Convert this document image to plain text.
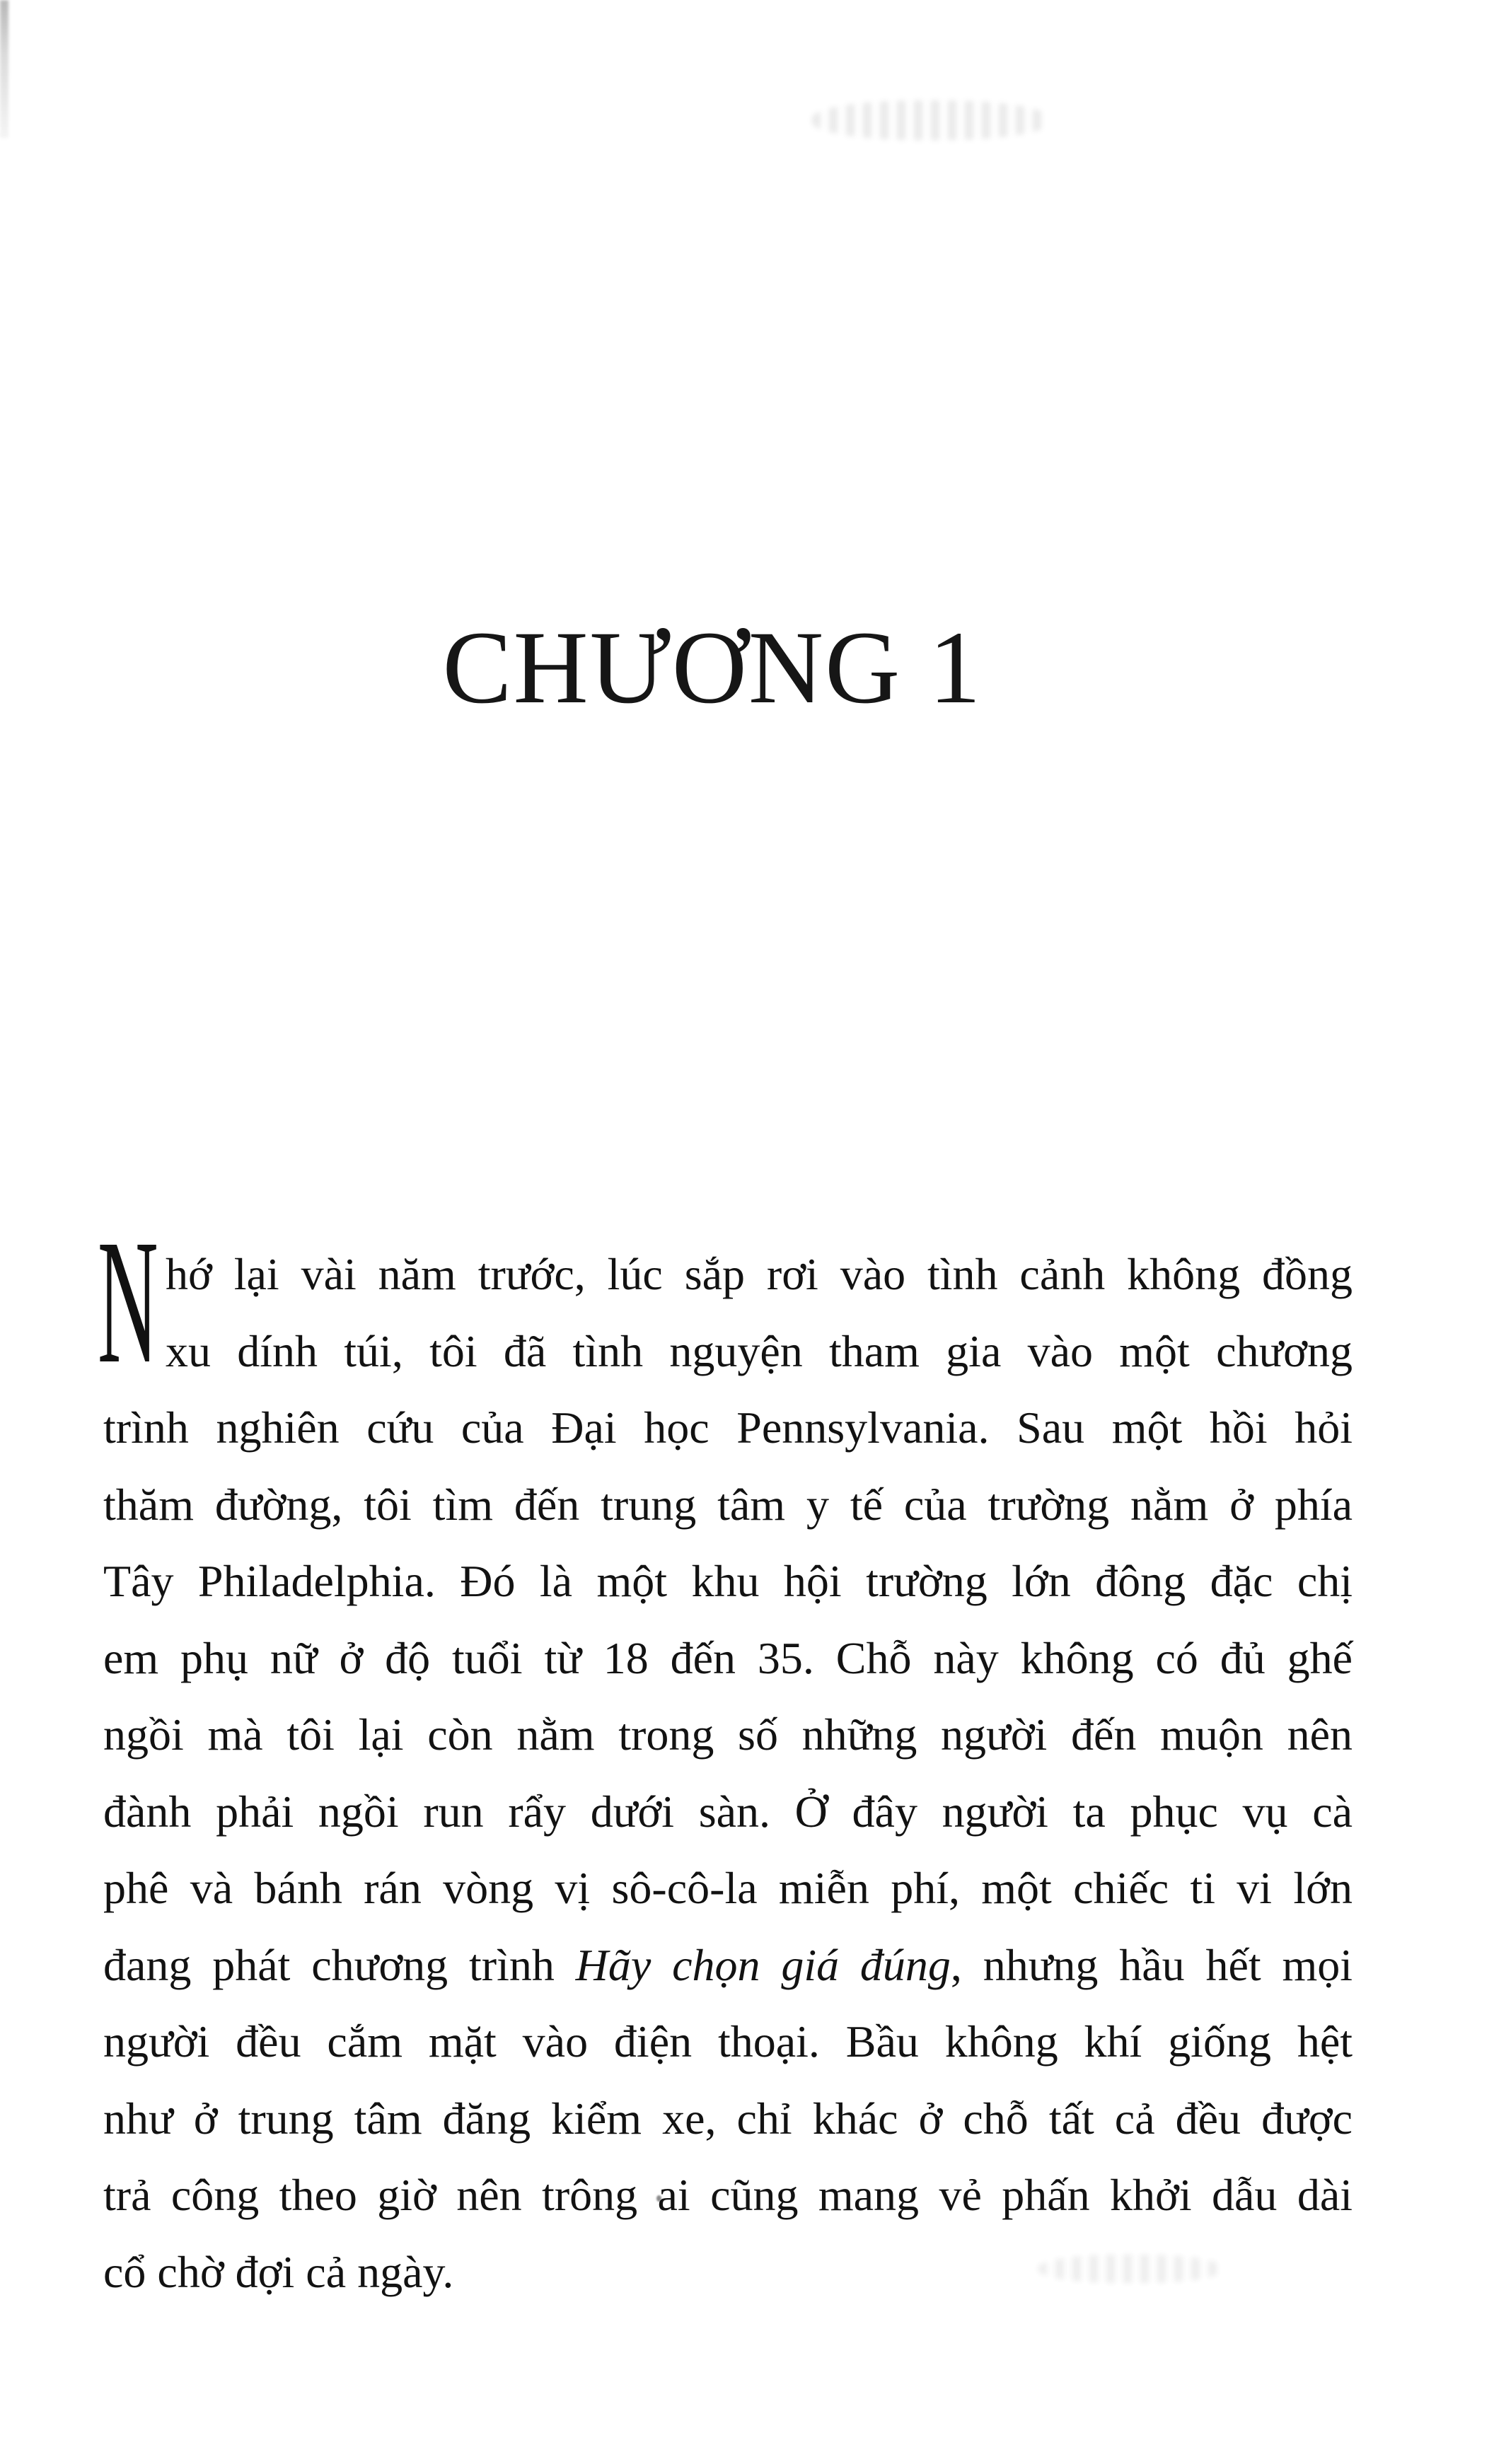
CHƯƠNG 1
N hớ lại vài năm trước, lúc sắp rơi vào tình cảnh không đồng
xu dính túi, tôi đã tình nguyện tham gia vào một chương
trình nghiên cứu của Đại học Pennsylvania. Sau một hồi hỏi
thăm đường, tôi tìm đến trung tâm y tế của trường nằm ở phía
Tây Philadelphia. Đó là một khu hội trường lớn đông đặc chị
em phụ nữ ở độ tuổi từ 18 đến 35. Chỗ này không có đủ ghế
ngồi mà tôi lại còn nằm trong số những người đến muộn nên
đành phải ngồi run rẩy dưới sàn. Ở đây người ta phục vụ cà
phê và bánh rán vòng vị sô-cô-la miễn phí, một chiếc ti vi lớn
đang phát chương trình Hãy chọn giá đúng, nhưng hầu hết mọi
người đều cắm mặt vào điện thoại. Bầu không khí giống hệt
như ở trung tâm đăng kiểm xe, chỉ khác ở chỗ tất cả đều được
trả công theo giờ nên trông ai cũng mang vẻ phấn khởi dẫu dài
cổ chờ đợi cả ngày.
